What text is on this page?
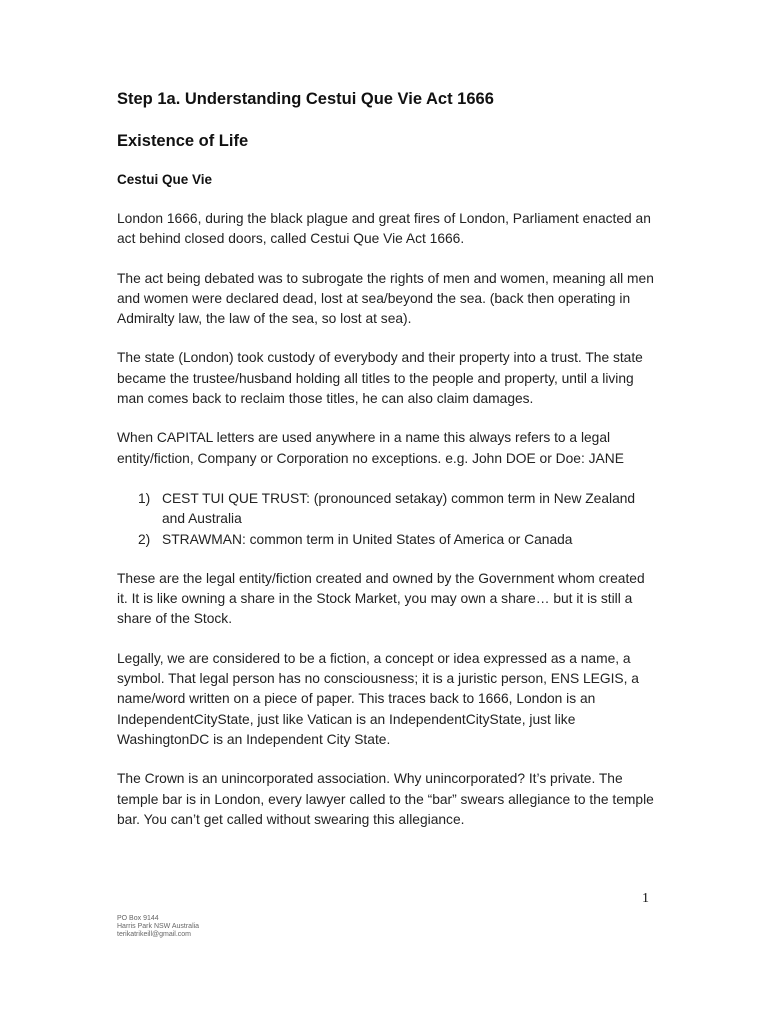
Step 1a. Understanding Cestui Que Vie Act 1666
Existence of Life
Cestui Que Vie

London 1666, during the black plague and great fires of London, Parliament enacted an act behind closed doors, called Cestui Que Vie Act 1666.

The act being debated was to subrogate the rights of men and women, meaning all men and women were declared dead, lost at sea/beyond the sea. (back then operating in Admiralty law, the law of the sea, so lost at sea).

The state (London) took custody of everybody and their property into a trust. The state became the trustee/husband holding all titles to the people and property, until a living man comes back to reclaim those titles, he can also claim damages.

When CAPITAL letters are used anywhere in a name this always refers to a legal entity/fiction, Company or Corporation no exceptions. e.g. John DOE or Doe: JANE

1) CEST TUI QUE TRUST: (pronounced setakay) common term in New Zealand and Australia
2) STRAWMAN: common term in United States of America or Canada

These are the legal entity/fiction created and owned by the Government whom created it. It is like owning a share in the Stock Market, you may own a share… but it is still a share of the Stock.

Legally, we are considered to be a fiction, a concept or idea expressed as a name, a symbol. That legal person has no consciousness; it is a juristic person, ENS LEGIS, a name/word written on a piece of paper. This traces back to 1666, London is an IndependentCityState, just like Vatican is an IndependentCityState, just like WashingtonDC is an Independent City State.

The Crown is an unincorporated association. Why unincorporated? It’s private. The temple bar is in London, every lawyer called to the “bar” swears allegiance to the temple bar. You can’t get called without swearing this allegiance.

1
PO Box 9144
Harris Park NSW Australia
terikatrikeill@gmail.com
